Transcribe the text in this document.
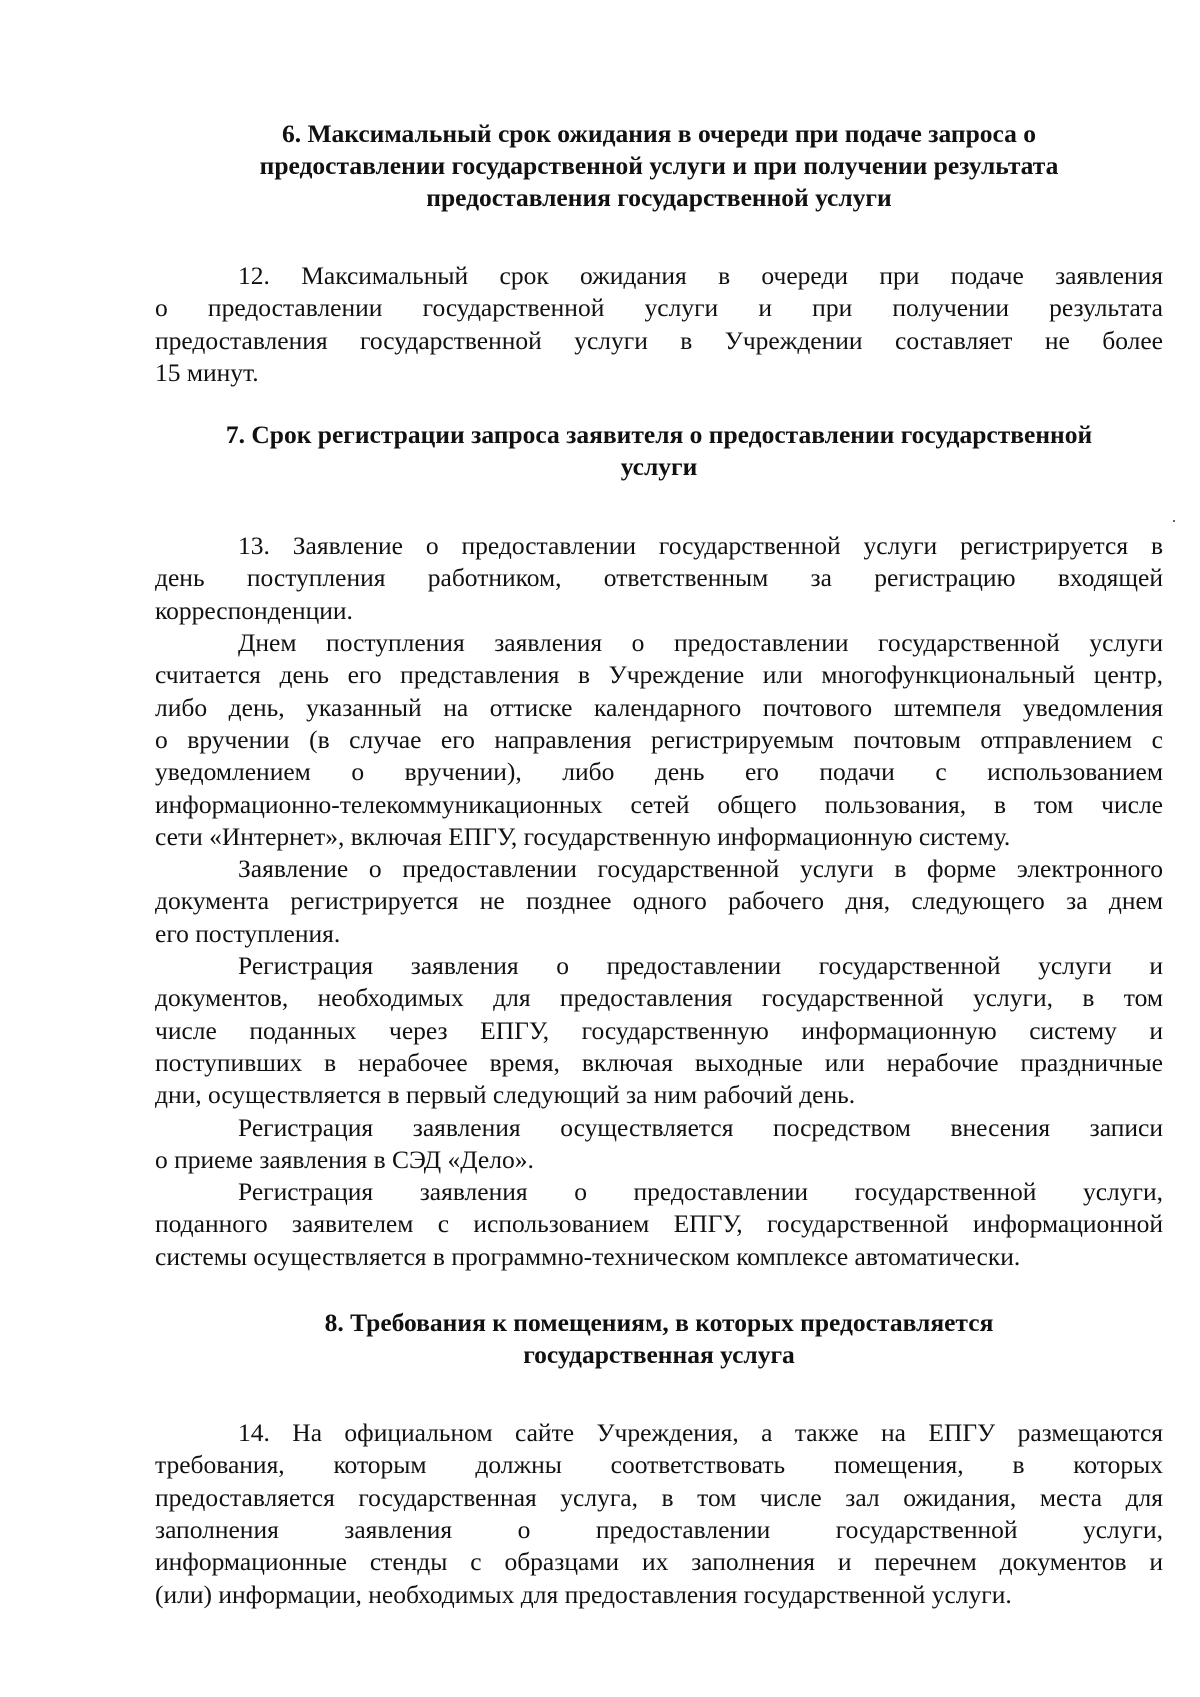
6. Максимальный срок ожидания в очереди при подаче запроса о
предоставлении государственной услуги и при получении результата
предоставления государственной услуги
12. Максимальный срок ожидания в очереди при подаче заявления
о предоставлении государственной услуги и при получении результата
предоставления государственной услуги в Учреждении составляет не более
15 минут.
7. Срок регистрации запроса заявителя о предоставлении государственной
услуги
13. Заявление о предоставлении государственной услуги регистрируется в
день поступления работником, ответственным за регистрацию входящей
корреспонденции.
Днем поступления заявления о предоставлении государственной услуги
считается день его представления в Учреждение или многофункциональный центр,
либо день, указанный на оттиске календарного почтового штемпеля уведомления
о вручении (в случае его направления регистрируемым почтовым отправлением с
уведомлением о вручении), либо день его подачи с использованием
информационно-телекоммуникационных сетей общего пользования, в том числе
сети «Интернет», включая ЕПГУ, государственную информационную систему.
Заявление о предоставлении государственной услуги в форме электронного
документа регистрируется не позднее одного рабочего дня, следующего за днем
его поступления.
Регистрация заявления о предоставлении государственной услуги и
документов, необходимых для предоставления государственной услуги, в том
числе поданных через ЕПГУ, государственную информационную систему и
поступивших в нерабочее время, включая выходные или нерабочие праздничные
дни, осуществляется в первый следующий за ним рабочий день.
Регистрация заявления осуществляется посредством внесения записи
о приеме заявления в СЭД «Дело».
Регистрация заявления о предоставлении государственной услуги,
поданного заявителем с использованием ЕПГУ, государственной информационной
системы осуществляется в программно-техническом комплексе автоматически.
8. Требования к помещениям, в которых предоставляется
государственная услуга
14. На официальном сайте Учреждения, а также на ЕПГУ размещаются
требования, которым должны соответствовать помещения, в которых
предоставляется государственная услуга, в том числе зал ожидания, места для
заполнения заявления о предоставлении государственной услуги,
информационные стенды с образцами их заполнения и перечнем документов и
(или) информации, необходимых для предоставления государственной услуги.
